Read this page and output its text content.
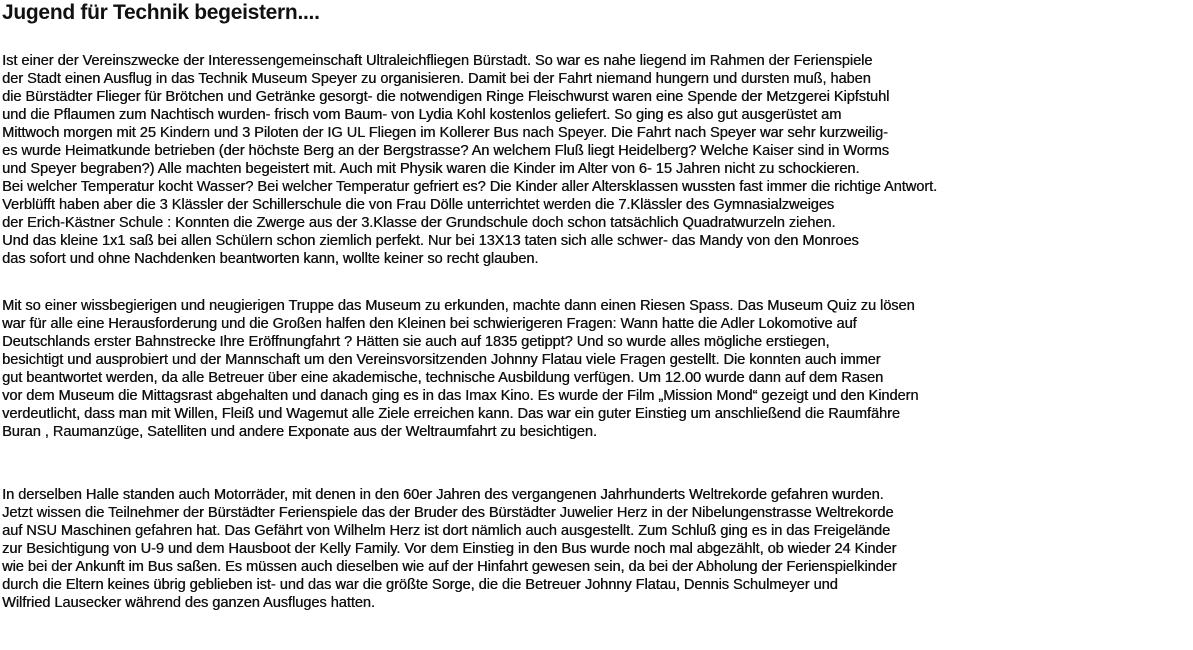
Jugend für Technik begeistern....
Ist einer der Vereinszwecke der Interessengemeinschaft Ultraleichfliegen Bürstadt. So war es nahe liegend im Rahmen der Ferienspiele
der Stadt einen Ausflug in das Technik Museum Speyer zu organisieren. Damit bei der Fahrt niemand hungern und dursten muß, haben
die Bürstädter Flieger für Brötchen und Getränke gesorgt- die notwendigen Ringe Fleischwurst waren eine Spende der Metzgerei Kipfstuhl
und die Pflaumen zum Nachtisch wurden- frisch vom Baum- von Lydia Kohl kostenlos geliefert. So ging es also gut ausgerüstet am
Mittwoch morgen mit 25 Kindern und 3 Piloten der IG UL Fliegen im Kollerer Bus nach Speyer. Die Fahrt nach Speyer war sehr kurzweilig-
es wurde Heimatkunde betrieben (der höchste Berg an der Bergstrasse? An welchem Fluß liegt Heidelberg? Welche Kaiser sind in Worms
und Speyer begraben?) Alle machten begeistert mit. Auch mit Physik waren die Kinder im Alter von 6- 15 Jahren nicht zu schockieren.
Bei welcher Temperatur kocht Wasser? Bei welcher Temperatur gefriert es? Die Kinder aller Altersklassen wussten fast immer die richtige Antwort.
Verblüfft haben aber die 3 Klässler der Schillerschule die von Frau Dölle unterrichtet werden die 7.Klässler des Gymnasialzweiges
der Erich-Kästner Schule : Konnten die Zwerge aus der 3.Klasse der Grundschule doch schon tatsächlich Quadratwurzeln ziehen.
Und das kleine 1x1 saß bei allen Schülern schon ziemlich perfekt. Nur bei 13X13 taten sich alle schwer- das Mandy von den Monroes
das sofort und ohne Nachdenken beantworten kann, wollte keiner so recht glauben.
Mit so einer wissbegierigen und neugierigen Truppe das Museum zu erkunden, machte dann einen Riesen Spass. Das Museum Quiz zu lösen
war für alle eine Herausforderung und die Großen halfen den Kleinen bei schwierigeren Fragen: Wann hatte die Adler Lokomotive auf
Deutschlands erster Bahnstrecke Ihre Eröffnungfahrt ? Hätten sie auch auf 1835 getippt? Und so wurde alles mögliche erstiegen,
besichtigt und ausprobiert und der Mannschaft um den Vereinsvorsitzenden Johnny Flatau viele Fragen gestellt. Die konnten auch immer
gut beantwortet werden, da alle Betreuer über eine akademische, technische Ausbildung verfügen. Um 12.00 wurde dann auf dem Rasen
vor dem Museum die Mittagsrast abgehalten und danach ging es in das Imax Kino. Es wurde der Film „Mission Mond“ gezeigt und den Kindern
verdeutlicht, dass man mit Willen, Fleiß und Wagemut alle Ziele erreichen kann. Das war ein guter Einstieg um anschließend die Raumfähre
Buran , Raumanzüge, Satelliten und andere Exponate aus der Weltraumfahrt zu besichtigen.
In derselben Halle standen auch Motorräder, mit denen in den 60er Jahren des vergangenen Jahrhunderts Weltrekorde gefahren wurden.
Jetzt wissen die Teilnehmer der Bürstädter Ferienspiele das der Bruder des Bürstädter Juwelier Herz in der Nibelungenstrasse Weltrekorde
auf NSU Maschinen gefahren hat. Das Gefährt von Wilhelm Herz ist dort nämlich auch ausgestellt. Zum Schluß ging es in das Freigelände
zur Besichtigung von U-9 und dem Hausboot der Kelly Family. Vor dem Einstieg in den Bus wurde noch mal abgezählt, ob wieder 24 Kinder
wie bei der Ankunft im Bus saßen. Es müssen auch dieselben wie auf der Hinfahrt gewesen sein, da bei der Abholung der Ferienspielkinder
durch die Eltern keines übrig geblieben ist- und das war die größte Sorge, die die Betreuer Johnny Flatau, Dennis Schulmeyer und
Wilfried Lausecker während des ganzen Ausfluges hatten.
